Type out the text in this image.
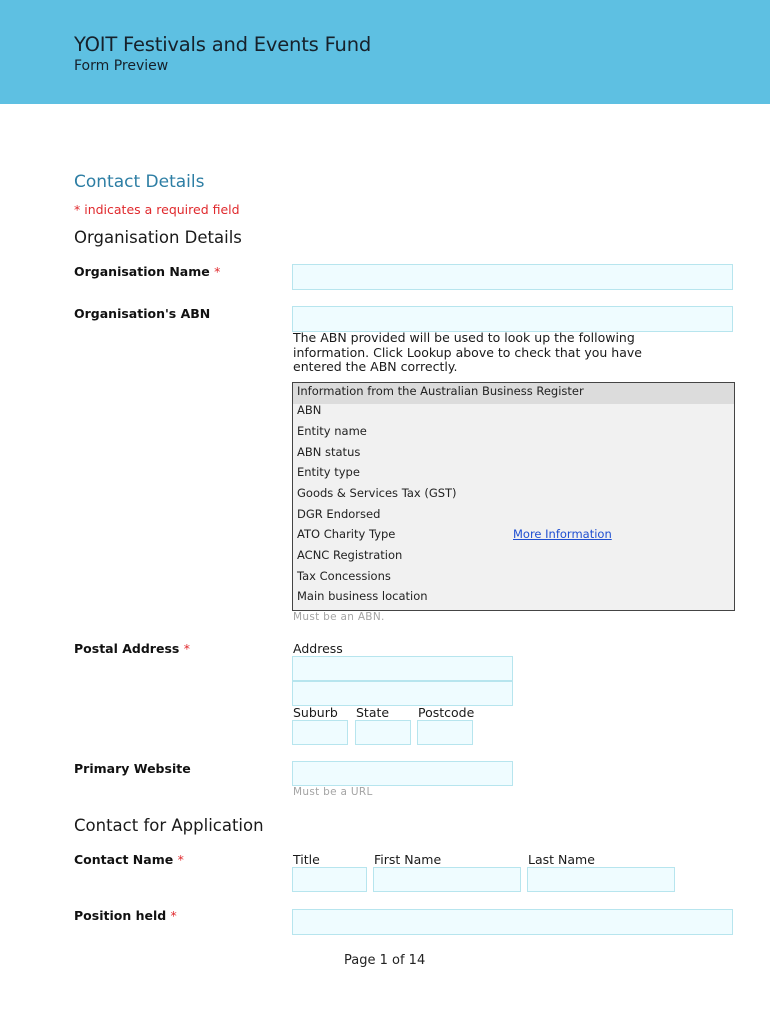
YOIT Festivals and Events Fund
Form Preview
Contact Details
* indicates a required field
Organisation Details
Organisation Name *
Organisation's ABN
The ABN provided will be used to look up the following information. Click Lookup above to check that you have entered the ABN correctly.
Information from the Australian Business Register
ABN
Entity name
ABN status
Entity type
Goods & Services Tax (GST)
DGR Endorsed
ATO Charity Type	More Information
ACNC Registration
Tax Concessions
Main business location
Must be an ABN.
Postal Address *	Address
Suburb State Postcode
Primary Website
Must be a URL
Contact for Application
Contact Name *	Title	First Name	Last Name
Position held *
Page 1 of 14
